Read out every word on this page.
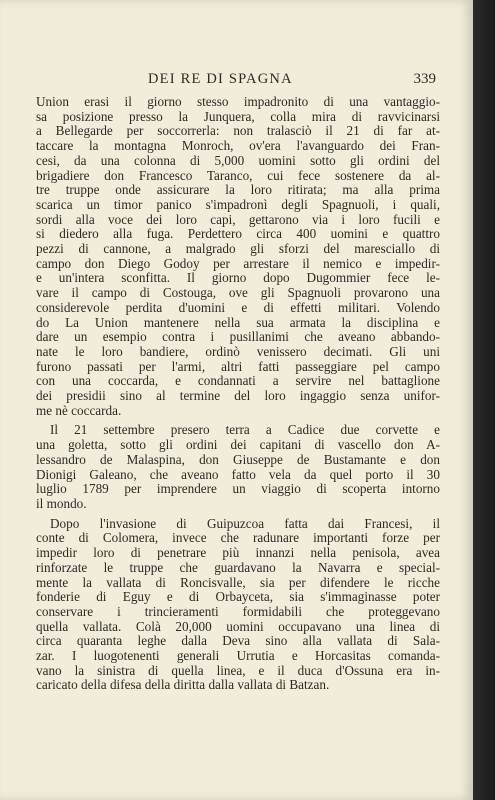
DEI RE DI SPAGNA	339

Union erasi il giorno stesso impadronito di una vantaggio-
sa posizione presso la Junquera, colla mira di ravvicinarsi
a Bellegarde per soccorrerla: non tralasciò il 21 di far at-
taccare la montagna Monroch, ov'era l'avanguardo dei Fran-
cesi, da una colonna di 5,000 uomini sotto gli ordini del
brigadiere don Francesco Taranco, cui fece sostenere da al-
tre truppe onde assicurare la loro ritirata; ma alla prima
scarica un timor panico s'impadronì degli Spagnuoli, i quali,
sordi alla voce dei loro capi, gettarono via i loro fucili e
si diedero alla fuga. Perdettero circa 400 uomini e quattro
pezzi di cannone, a malgrado gli sforzi del maresciallo di
campo don Diego Godoy per arrestare il nemico e impedir-
e un'intera sconfitta. Il giorno dopo Dugommier fece le-
vare il campo di Costouga, ove gli Spagnuoli provarono una
considerevole perdita d'uomini e di effetti militari. Volendo
do La Union mantenere nella sua armata la disciplina e
dare un esempio contra i pusillanimi che aveano abbando-
nate le loro bandiere, ordinò venissero decimati. Gli uni
furono passati per l'armi, altri fatti passeggiare pel campo
con una coccarda, e condannati a servire nel battaglione
dei presidii sino al termine del loro ingaggio senza unifor-
me nè coccarda.

Il 21 settembre presero terra a Cadice due corvette e
una goletta, sotto gli ordini dei capitani di vascello don A-
lessandro de Malaspina, don Giuseppe de Bustamante e don
Dionigi Galeano, che aveano fatto vela da quel porto il 30
luglio 1789 per imprendere un viaggio di scoperta intorno
il mondo.

Dopo l'invasione di Guipuzcoa fatta dai Francesi, il
conte di Colomera, invece che radunare importanti forze per
impedir loro di penetrare più innanzi nella penisola, avea
rinforzate le truppe che guardavano la Navarra e special-
mente la vallata di Roncisvalle, sia per difendere le ricche
fonderie di Eguy e di Orbayceta, sia s'immaginasse poter
conservare i trincieramenti formidabili che proteggevano
quella vallata. Colà 20,000 uomini occupavano una linea di
circa quaranta leghe dalla Deva sino alla vallata di Sala-
zar. I luogotenenti generali Urrutia e Horcasitas comanda-
vano la sinistra di quella linea, e il duca d'Ossuna era in-
caricato della difesa della diritta dalla vallata di Batzan.
